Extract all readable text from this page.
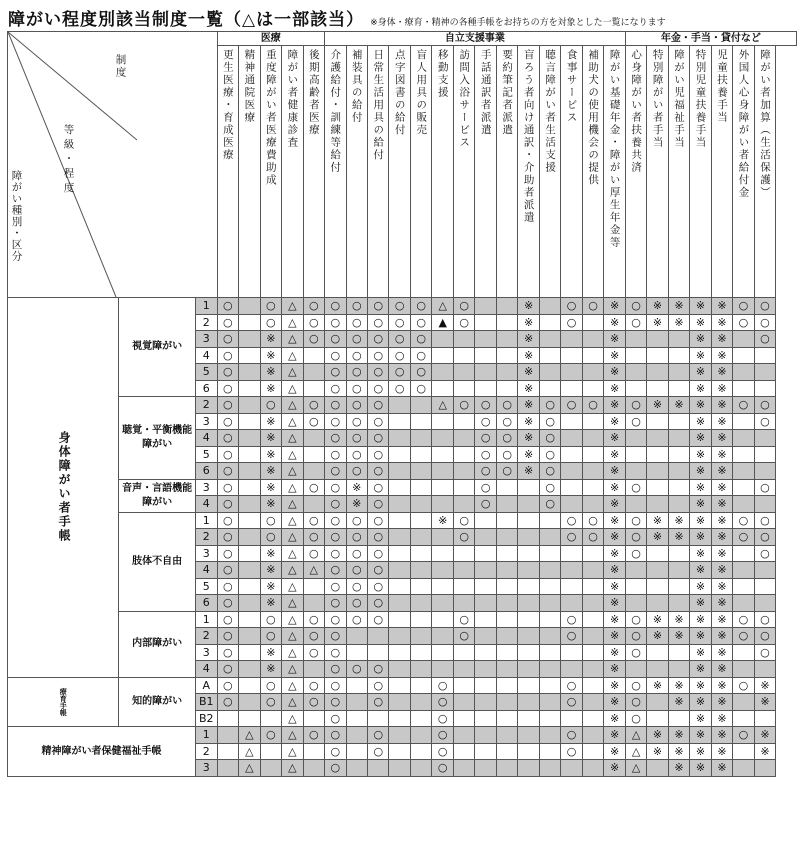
障がい程度別該当制度一覧（△は一部該当） ※身体・療育・精神の各種手帳をお持ちの方を対象とした一覧になります
制度
等級・程度
障がい種別・区分			医療					自立支援事業														年金・手当・貸付など						

			更生医療・育成医療	精神通院医療	重度障がい者医療費助成	障がい者健康診査	後期高齢者医療	介護給付・訓練等給付	補装具の給付	日常生活用具の給付	点字図書の給付	盲人用具の販売	移動支援	訪問入浴サービス	手話通訳者派遣	要約筆記者派遣	盲ろう者向け通訳・介助者派遣	聴言障がい者生活支援	食事サービス	補助犬の使用機会の提供	障がい基礎年金・障がい厚生年金等	心身障がい者扶養共済	特別障がい者手当	障がい児福祉手当	特別児童扶養手当	児童扶養手当	外国人心身障がい者給付金	障がい者加算（生活保護）

身体障がい者手帳	視覚障がい	1	○		○	△	○	○	○	○	○	○	△	○			※		○	○	※	○	※	※	※	※	○	○
		2	○		○	△	○	○	○	○	○	○	▲	○			※		○		※	○	※	※	※	※	○	○
		3	○		※	△	○	○	○	○	○	○					※				※				※	※		○
		4	○		※	△		○	○	○	○	○					※				※				※	※		
		5	○		※	△		○	○	○	○	○					※				※				※	※		
		6	○		※	△		○	○	○	○	○					※				※				※	※		
	聴覚・平衡機能障がい	2	○		○	△	○	○	○	○			△	○	○	○	※	○	○	○	※	○	※	※	※	※	○	○
		3	○		※	△	○	○	○	○					○	○	※	○			※	○			※	※		○
		4	○		※	△		○	○	○					○	○	※	○			※				※	※		
		5	○		※	△		○	○	○					○	○	※	○			※				※	※		
		6	○		※	△		○	○	○					○	○	※	○			※				※	※		
	音声・言語機能障がい	3	○		※	△	○	○	※	○					○			○			※	○			※	※		○
		4	○		※	△		○	※	○					○			○			※				※	※		
	肢体不自由	1	○		○	△	○	○	○	○			※	○					○	○	※	○	※	※	※	※	○	○
		2	○		○	△	○	○	○	○				○					○	○	※	○	※	※	※	※	○	○
		3	○		※	△	○	○	○	○											※	○			※	※		○
		4	○		※	△	△	○	○	○											※				※	※		
		5	○		※	△		○	○	○											※				※	※		
		6	○		※	△		○	○	○											※				※	※		
	内部障がい	1	○		○	△	○	○	○	○				○					○		※	○	※	※	※	※	○	○
		2	○		○	△	○	○						○					○		※	○	※	※	※	※	○	○
		3	○		※	△	○	○													※	○			※	※		○
		4	○		※	△		○	○	○											※				※	※		

療育手帳	知的障がい	A	○		○	△	○	○		○			○						○		※	○	※	※	※	※	○	※
		B1	○		○	△	○	○		○			○						○		※	○		※	※	※		※
		B2				△		○					○								※	○			※	※		
精神障がい者保健福祉手帳		1		△	○	△	○	○		○			○						○		※	△	※	※	※	※	○	※
		2		△		△		○		○			○						○		※	△	※	※	※	※		※
		3		△		△		○					○								※	△		※	※	※		
